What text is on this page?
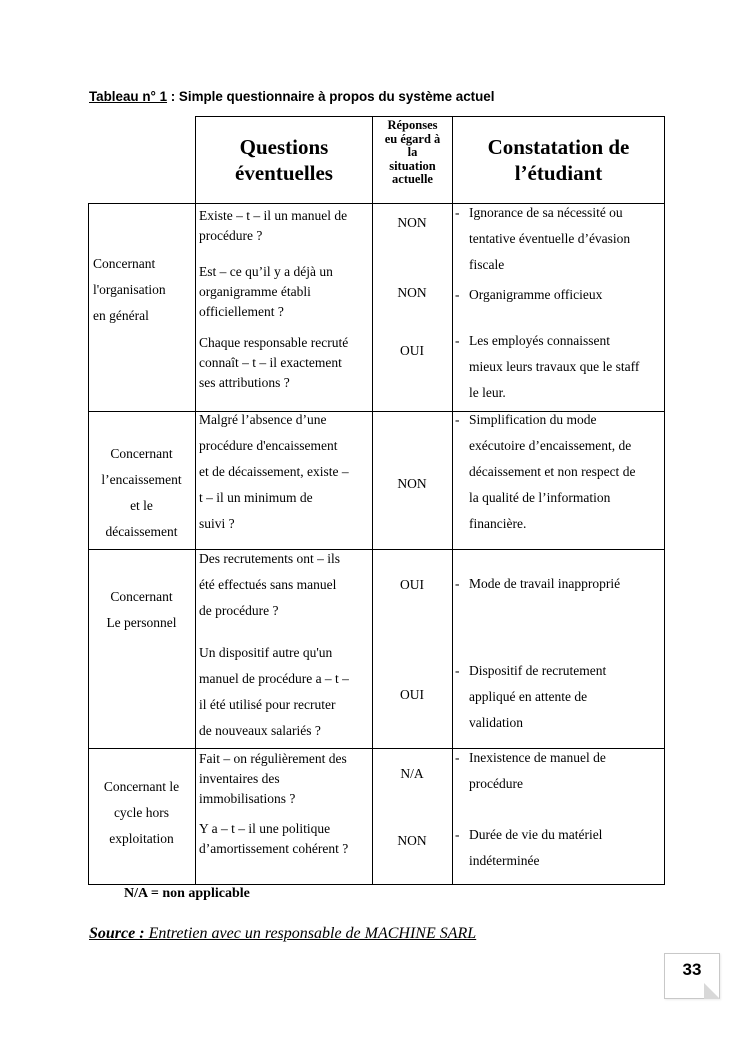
Tableau n° 1 : Simple questionnaire à propos du système actuel
Questions
éventuelles
Réponses
eu égard à
la
situation
actuelle
Constatation de
l’étudiant
Concernant
l'organisation
en général
Existe – t – il un manuel de
procédure ?
Est – ce qu’il y a déjà un
organigramme établi
officiellement ?
Chaque responsable recruté
connaît – t – il exactement
ses attributions ?
NON
NON
OUI
- Ignorance de sa nécessité ou
tentative éventuelle d’évasion
fiscale
- Organigramme officieux
- Les employés connaissent
mieux leurs travaux que le staff
le leur.
Concernant
l’encaissement
et le
décaissement
Malgré l’absence d’une
procédure d'encaissement
et de décaissement, existe –
t – il un minimum de
suivi ?
NON
- Simplification du mode
exécutoire d’encaissement, de
décaissement et non respect de
la qualité de l’information
financière.
Concernant
Le personnel
Des recrutements ont – ils
été effectués sans manuel
de procédure ?
Un dispositif autre qu'un
manuel de procédure a – t –
il été utilisé pour recruter
de nouveaux salariés ?
OUI
OUI
- Mode de travail inapproprié
- Dispositif de recrutement
appliqué en attente de
validation
Concernant le
cycle hors
exploitation
Fait – on régulièrement des
inventaires des
immobilisations ?
Y a – t – il une politique
d’amortissement cohérent ?
N/A
NON
- Inexistence de manuel de
procédure
- Durée de vie du matériel
indéterminée
N/A = non applicable
Source : Entretien avec un responsable de MACHINE SARL
33
